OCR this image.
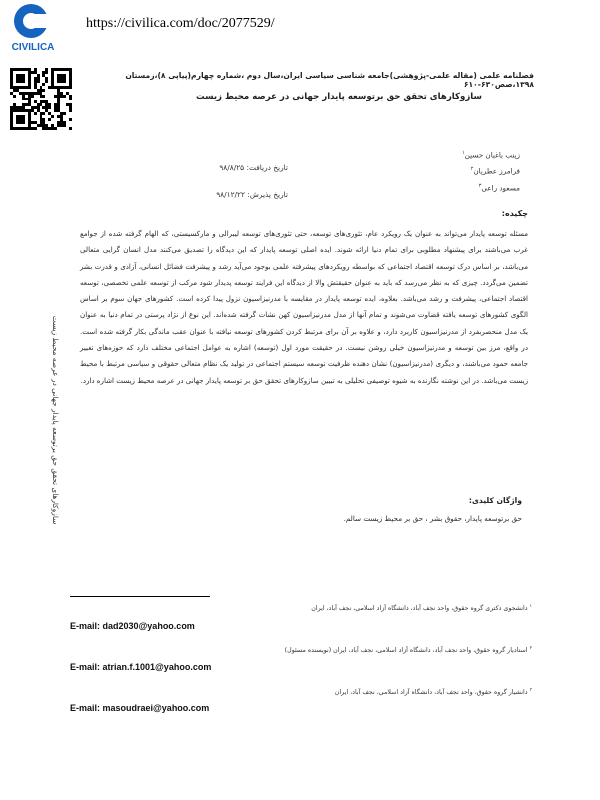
CIVILICA
https://civilica.com/doc/2077529/
فصلنامه علمی (مقاله علمی-پژوهشی)جامعه شناسی سیاسی ایران،سال دوم ،شماره چهارم(پیاپی ۸)،زمستان ۱۳۹۸،صص۶۳۰-۶۱۰
سازوکارهای تحقق حق برتوسعه پایدار جهانی در عرصه محیط زیست
زینب باغبان حسین$^۱$
فرامرز عطریان$^۲$
مسعود راعی$^۳$
تاریخ دریافت: ۹۸/۸/۲۵
تاریخ پذیرش: ۹۸/۱۲/۲۲
چکیده:
مسئله توسعه پایدار می‌تواند به عنوان یک رویکرد عام، تئوری‌های توسعه، حتی تئوری‌های توسعه لیبرالی و مارکسیستی، که الهام گرفته شده از جوامع غرب می‌باشند برای پیشنهاد مطلوبی برای تمام دنیا ارائه شوند. ایده اصلی توسعه پایدار که این دیدگاه را تصدیق می‌کنند مدل انسان گرایی متعالی می‌باشد، بر اساس درک توسعه اقتصاد اجتماعی که بواسطه رویکردهای پیشرفته علمی بوجود می‌آید رشد و پیشرفت فضائل انسانی، آزادی و قدرت بشر تضمین می‌گردد. چیزی که به نظر می‌رسد که باید به عنوان حقیقتش والا از دیدگاه این فرایند توسعه پدیدار شود مرکب از توسعه علمی تخصصی، توسعه اقتصاد اجتماعی، پیشرفت و رشد می‌باشد. بعلاوه، ایده توسعه پایدار در مقایسه با مدرنیزاسیون نزول پیدا کرده است. کشورهای جهان سوم بر اساس الگوی کشورهای توسعه یافته قضاوت می‌شوند و تمام آنها از مدل مدرنیزاسیون کهن نشات گرفته شده‌اند. این نوع از نژاد پرستی در تمام دنیا به عنوان یک مدل منحصر‌بفرد از مدرنیزاسیون کاربرد دارد، و علاوه بر آن برای مرتبط کردن کشورهای توسعه نیافته با عنوان عقب ماندگی بکار گرفته شده است. در واقع، مرز بین توسعه و مدرنیزاسیون خیلی روشن نیست. در حقیقت مورد اول (توسعه) اشاره به عوامل اجتماعی مختلف دارد که حوزه‌های تغییر جامعه حمود می‌باشند، و دیگری (مدرنیزاسیون) نشان دهنده ظرفیت توسعه سیستم اجتماعی در تولید یک نظام متعالی حقوقی و سیاسی مرتبط با محیط زیست می‌باشد. در این نوشته نگارنده به شیوه توصیفی تحلیلی به تبیین سازوکارهای تحقق حق بر توسعه پایدار جهانی در عرصه محیط زیست اشاره دارد.
واژگان کلیدی:
حق برتوسعه پایدار، حقوق بشر ، حق بر محیط زیست سالم.
سازوکارهای تحقق حق برتوسعه پایدار جهانی در عرصه محیط زیست
$^۱$ دانشجوی دکتری گروه حقوق، واحد نجف آباد، دانشگاه آزاد اسلامی، نجف آباد، ایران
E-mail: dad2030@yahoo.com
$^۲$ استادیار گروه حقوق، واحد نجف آباد، دانشگاه آزاد اسلامی، نجف آباد، ایران (نویسنده مسئول)
E-mail: atrian.f.1001@yahoo.com
$^۳$ دانشیار گروه حقوق، واحد نجف آباد، دانشگاه آزاد اسلامی، نجف آباد، ایران
E-mail: masoudraei@yahoo.com
